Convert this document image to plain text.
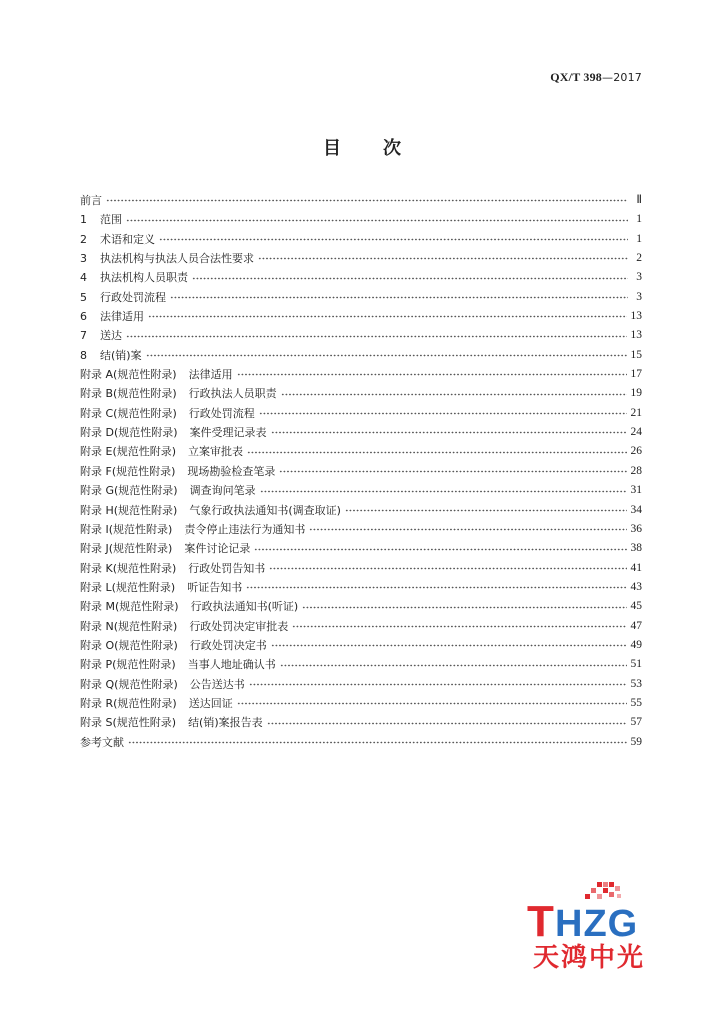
QX/T 398—2017
目 次
前言	Ⅱ
1 范围	1
2 术语和定义	1
3 执法机构与执法人员合法性要求	2
4 执法机构人员职责	3
5 行政处罚流程	3
6 法律适用	13
7 送达	13
8 结(销)案	15
附录 A(规范性附录) 法律适用	17
附录 B(规范性附录) 行政执法人员职责	19
附录 C(规范性附录) 行政处罚流程	21
附录 D(规范性附录) 案件受理记录表	24
附录 E(规范性附录) 立案审批表	26
附录 F(规范性附录) 现场勘验检查笔录	28
附录 G(规范性附录) 调查询问笔录	31
附录 H(规范性附录) 气象行政执法通知书(调查取证)	34
附录 I(规范性附录) 责令停止违法行为通知书	36
附录 J(规范性附录) 案件讨论记录	38
附录 K(规范性附录) 行政处罚告知书	41
附录 L(规范性附录) 听证告知书	43
附录 M(规范性附录) 行政执法通知书(听证)	45
附录 N(规范性附录) 行政处罚决定审批表	47
附录 O(规范性附录) 行政处罚决定书	49
附录 P(规范性附录) 当事人地址确认书	51
附录 Q(规范性附录) 公告送达书	53
附录 R(规范性附录) 送达回证	55
附录 S(规范性附录) 结(销)案报告表	57
参考文献	59
T HZG
天鸿中光
